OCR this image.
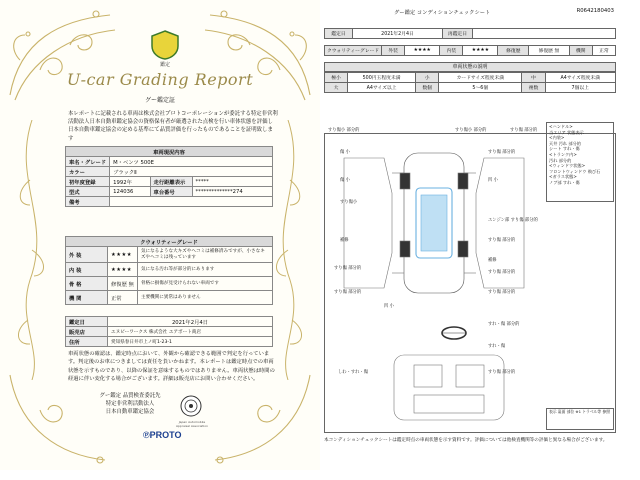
鑑定
U-car Grading Report
グー鑑定証
本レポートに記載される車両は株式会社プロトコーポレーションが委託する特定非営利活動法人日本自動車鑑定協会の資格保有者が厳選された点検を行い車体状態を評価し日本自動車鑑定協会の定める基準にて品質評価を行ったものであることを証明致します
車両現況内容			
車名・グレード	M・ベンツ 500E		
カラー	ブラックⅡ		
初年度登録	1992年	走行距離表示	*****
型式	124036	車台番号	**************274
備考			
クウォリティーグレード		
外 装	★★★★	気になるような大キズやヘコミは補修済みですが、小さなキズやヘコミは残っています
内 装	★★★★	気になる汚れ等が部分的にあります
骨 格	修復歴 無	骨格に損傷が見受けられない車両です
機 関	正常	主要機関に異常はありません
鑑定日	2021年2月4日
販売店	エヌピーワークス 株式会社 エアポート商店
住所	愛知県春日井市上ノ町1-23-1
車両状態の確認は、鑑定時点において、外観から確認できる範囲で判定を行っています。判定後のお車につきましては責任を負いかねます。本レポートは鑑定時点での車両状態を示すものであり、以降の保証を意味するものではありません。車両状態は時間の経過に伴い変化する場合がございます。詳細は販売店にお問い合わせください。
グー鑑定 品質検査委託先
特定非営利活動法人
日本自動車鑑定協会
Japan Automobile Appraisal Association
℗PROTO
グー鑑定 コンディションチェックシート	R0642180403
鑑定日	2021年2月4日	再鑑定日	
クウォリティーグレード	外装	★★★★	内装	★★★★	修復歴	修復歴 無	機関	正常
車両状態の説明
極小	500円玉程度未満	小	カードサイズ程度未満	中	A4サイズ程度未満
大	A4サイズ以上	数個	5～6個	複数	7個以上
すり傷小 部分的
傷 小
すり傷小 部分的	すり傷 部分的
傷 小
すり傷小
すり傷 部分的
凹 小
エンジン部 すり傷 部分的
すり傷 部分的
補修
すり傷 部分的
補修
すり傷 部分的
すり傷 部分的	すり傷 部分的
凹 小
すれ・傷 部分的
すれ・傷
しわ・すれ・傷	すり傷 部分的
<ハンドル>
当エリア 状態表示
<内装>
天井 汚れ 部分的
シート すれ・傷
<トランク内>
汚れ 部分的
<ウィンドウ状態>
フロントウィンドウ 飛び石
<ガラス状態>
ノブ部 すれ・傷
表示 裏面 部位 ※1 トラベル等 参照
本コンディションチェックシートは鑑定時点の車両状態を示す資料です。評価については他検査機関等の評価と異なる場合がございます。
